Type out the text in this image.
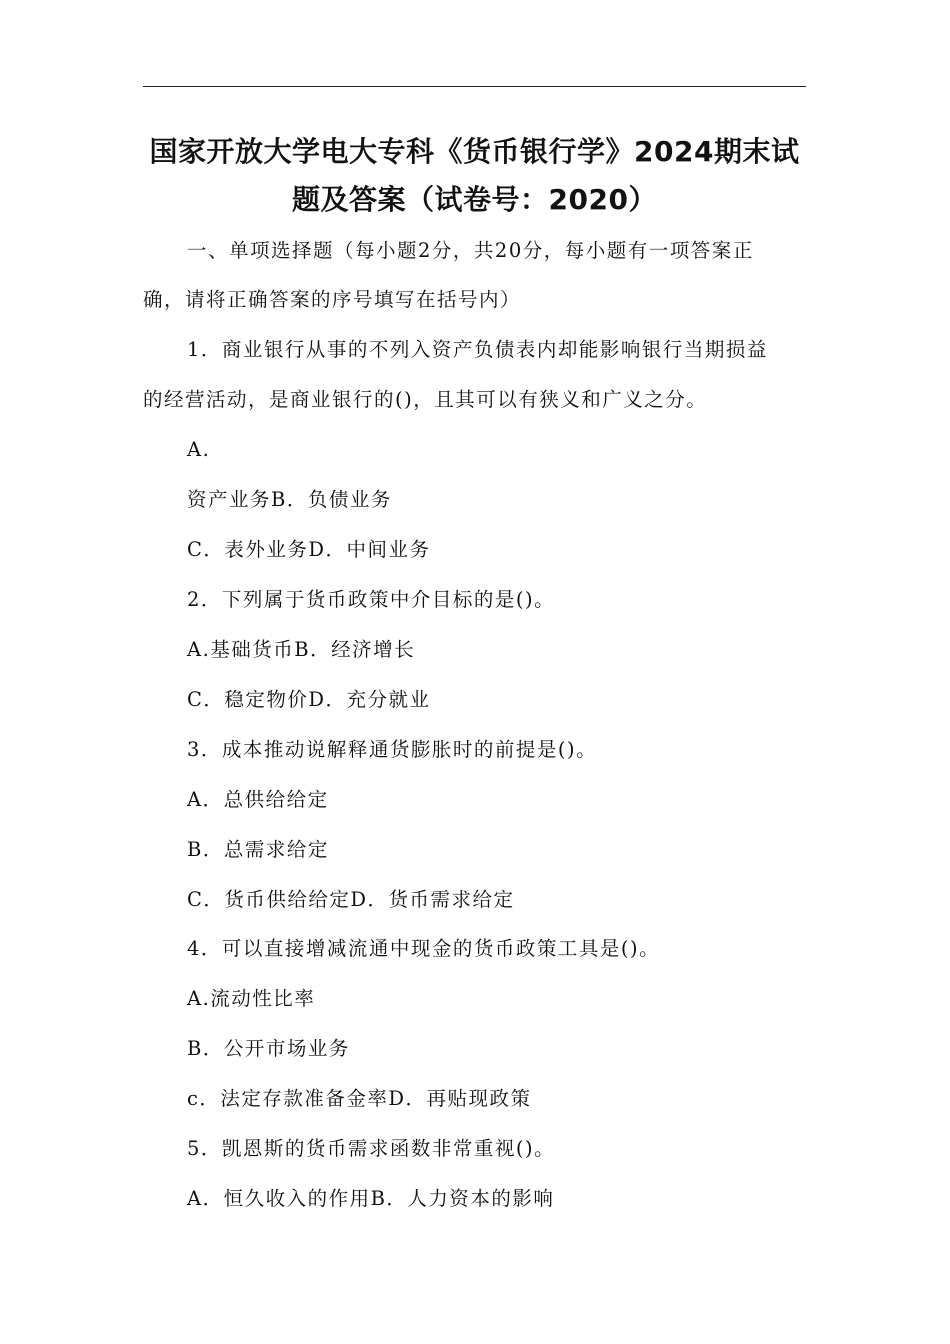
国家开放大学电大专科《货币银行学》2024期末试
题及答案（试卷号：2020）
一、单项选择题（每小题2分，共20分，每小题有一项答案正
确，请将正确答案的序号填写在括号内）
1．商业银行从事的不列入资产负债表内却能影响银行当期损益
的经营活动，是商业银行的()，且其可以有狭义和广义之分。
A.
资产业务B．负债业务
C．表外业务D．中间业务
2．下列属于货币政策中介目标的是()。
A.基础货币B．经济增长
C．稳定物价D．充分就业
3．成本推动说解释通货膨胀时的前提是()。
A．总供给给定
B．总需求给定
C．货币供给给定D．货币需求给定
4．可以直接增减流通中现金的货币政策工具是()。
A.流动性比率
B．公开市场业务
c．法定存款准备金率D．再贴现政策
5．凯恩斯的货币需求函数非常重视()。
A．恒久收入的作用B．人力资本的影响
